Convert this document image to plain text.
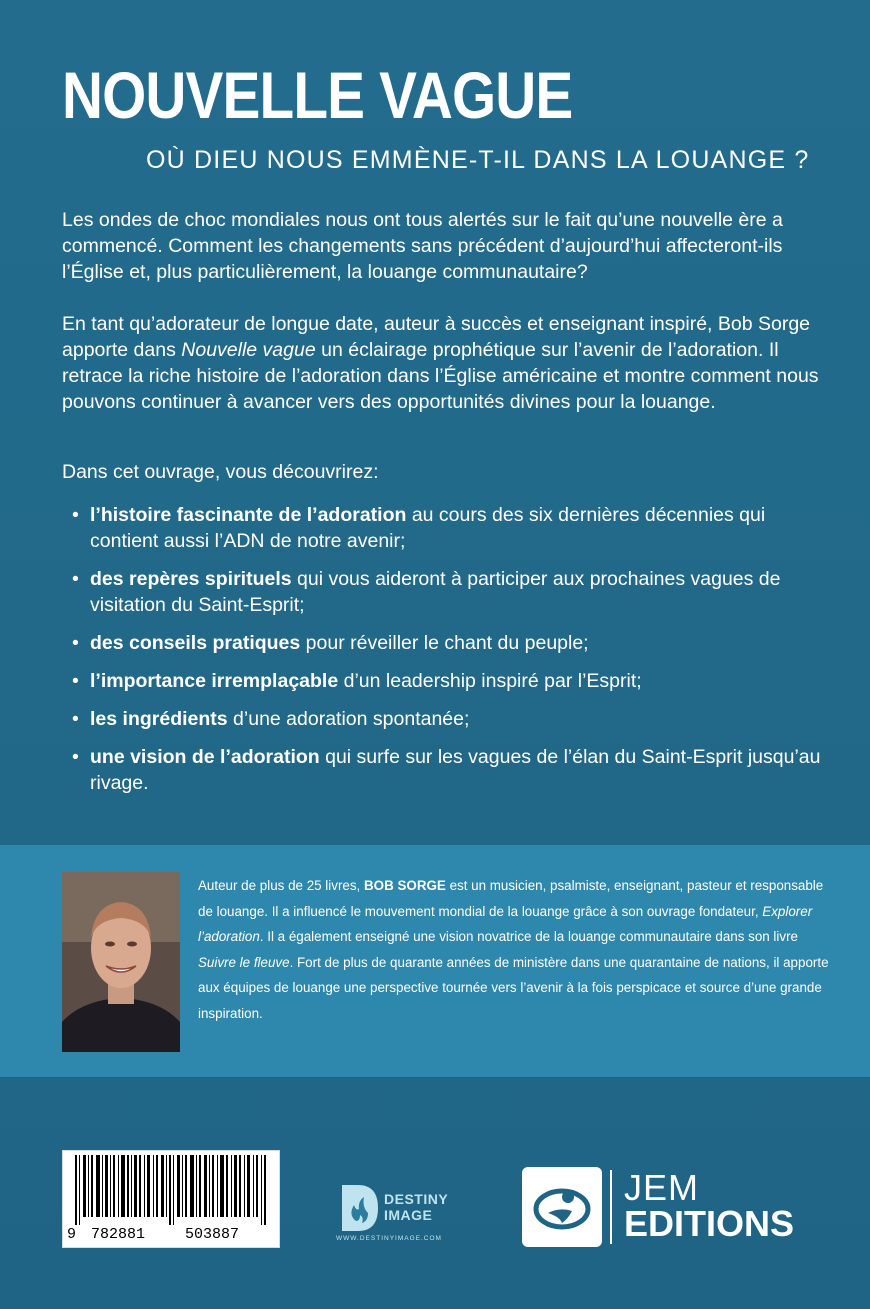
NOUVELLE VAGUE
OÙ DIEU NOUS EMMÈNE-T-IL DANS LA LOUANGE ?

Les ondes de choc mondiales nous ont tous alertés sur le fait qu’une nouvelle ère a commencé. Comment les changements sans précédent d’aujourd’hui affecteront-ils l’Église et, plus particulièrement, la louange communautaire?

En tant qu’adorateur de longue date, auteur à succès et enseignant inspiré, Bob Sorge apporte dans Nouvelle vague un éclairage prophétique sur l’avenir de l’adoration. Il retrace la riche histoire de l’adoration dans l’Église américaine et montre comment nous pouvons continuer à avancer vers des opportunités divines pour la louange.

Dans cet ouvrage, vous découvrirez:

• l’histoire fascinante de l’adoration au cours des six dernières décennies qui contient aussi l’ADN de notre avenir;
• des repères spirituels qui vous aideront à participer aux prochaines vagues de visitation du Saint-Esprit;
• des conseils pratiques pour réveiller le chant du peuple;
• l’importance irremplaçable d’un leadership inspiré par l’Esprit;
• les ingrédients d’une adoration spontanée;
• une vision de l’adoration qui surfe sur les vagues de l’élan du Saint-Esprit jusqu’au rivage.

Auteur de plus de 25 livres, BOB SORGE est un musicien, psalmiste, enseignant, pasteur et responsable de louange. Il a influencé le mouvement mondial de la louange grâce à son ouvrage fondateur, Explorer l’adoration. Il a également enseigné une vision novatrice de la louange communautaire dans son livre Suivre le fleuve. Fort de plus de quarante années de ministère dans une quarantaine de nations, il apporte aux équipes de louange une perspective tournée vers l’avenir à la fois perspicace et source d’une grande inspiration.

9 782881	503887
DESTINY
IMAGE
WWW.DESTINYIMAGE.COM
JEM
EDITIONS
